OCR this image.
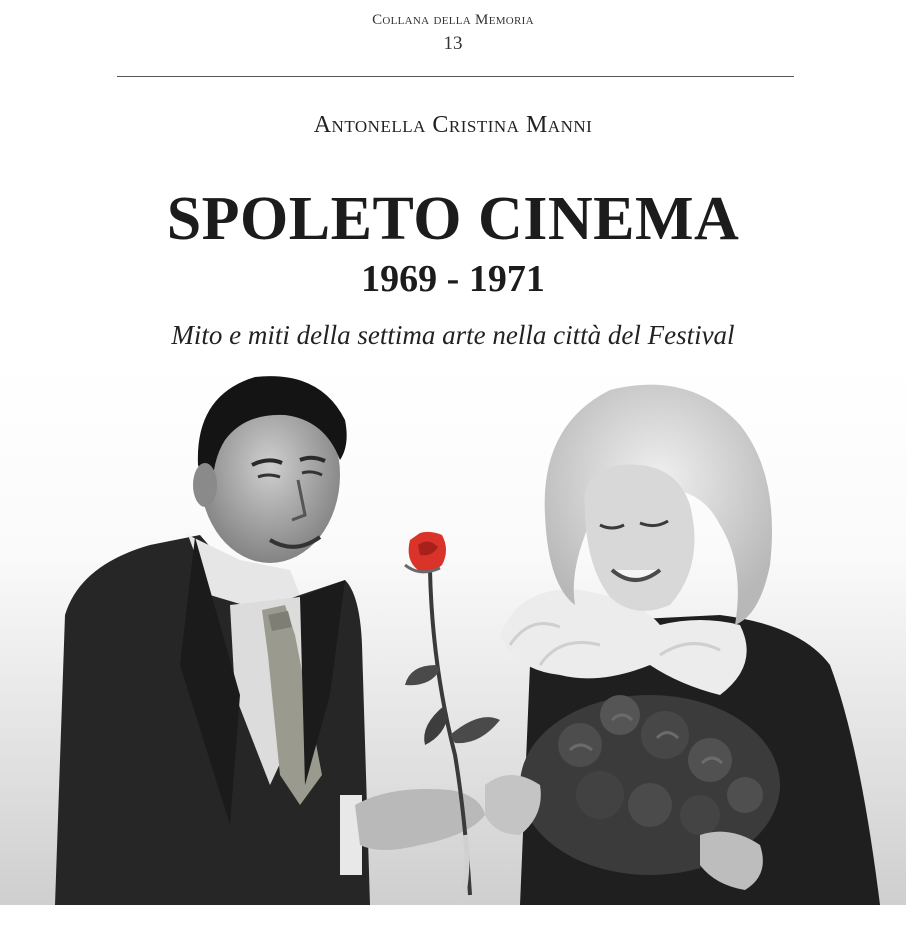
Collana della Memoria
13
Antonella Cristina Manni
SPOLETO CINEMA
1969 - 1971
Mito e miti della settima arte nella città del Festival
